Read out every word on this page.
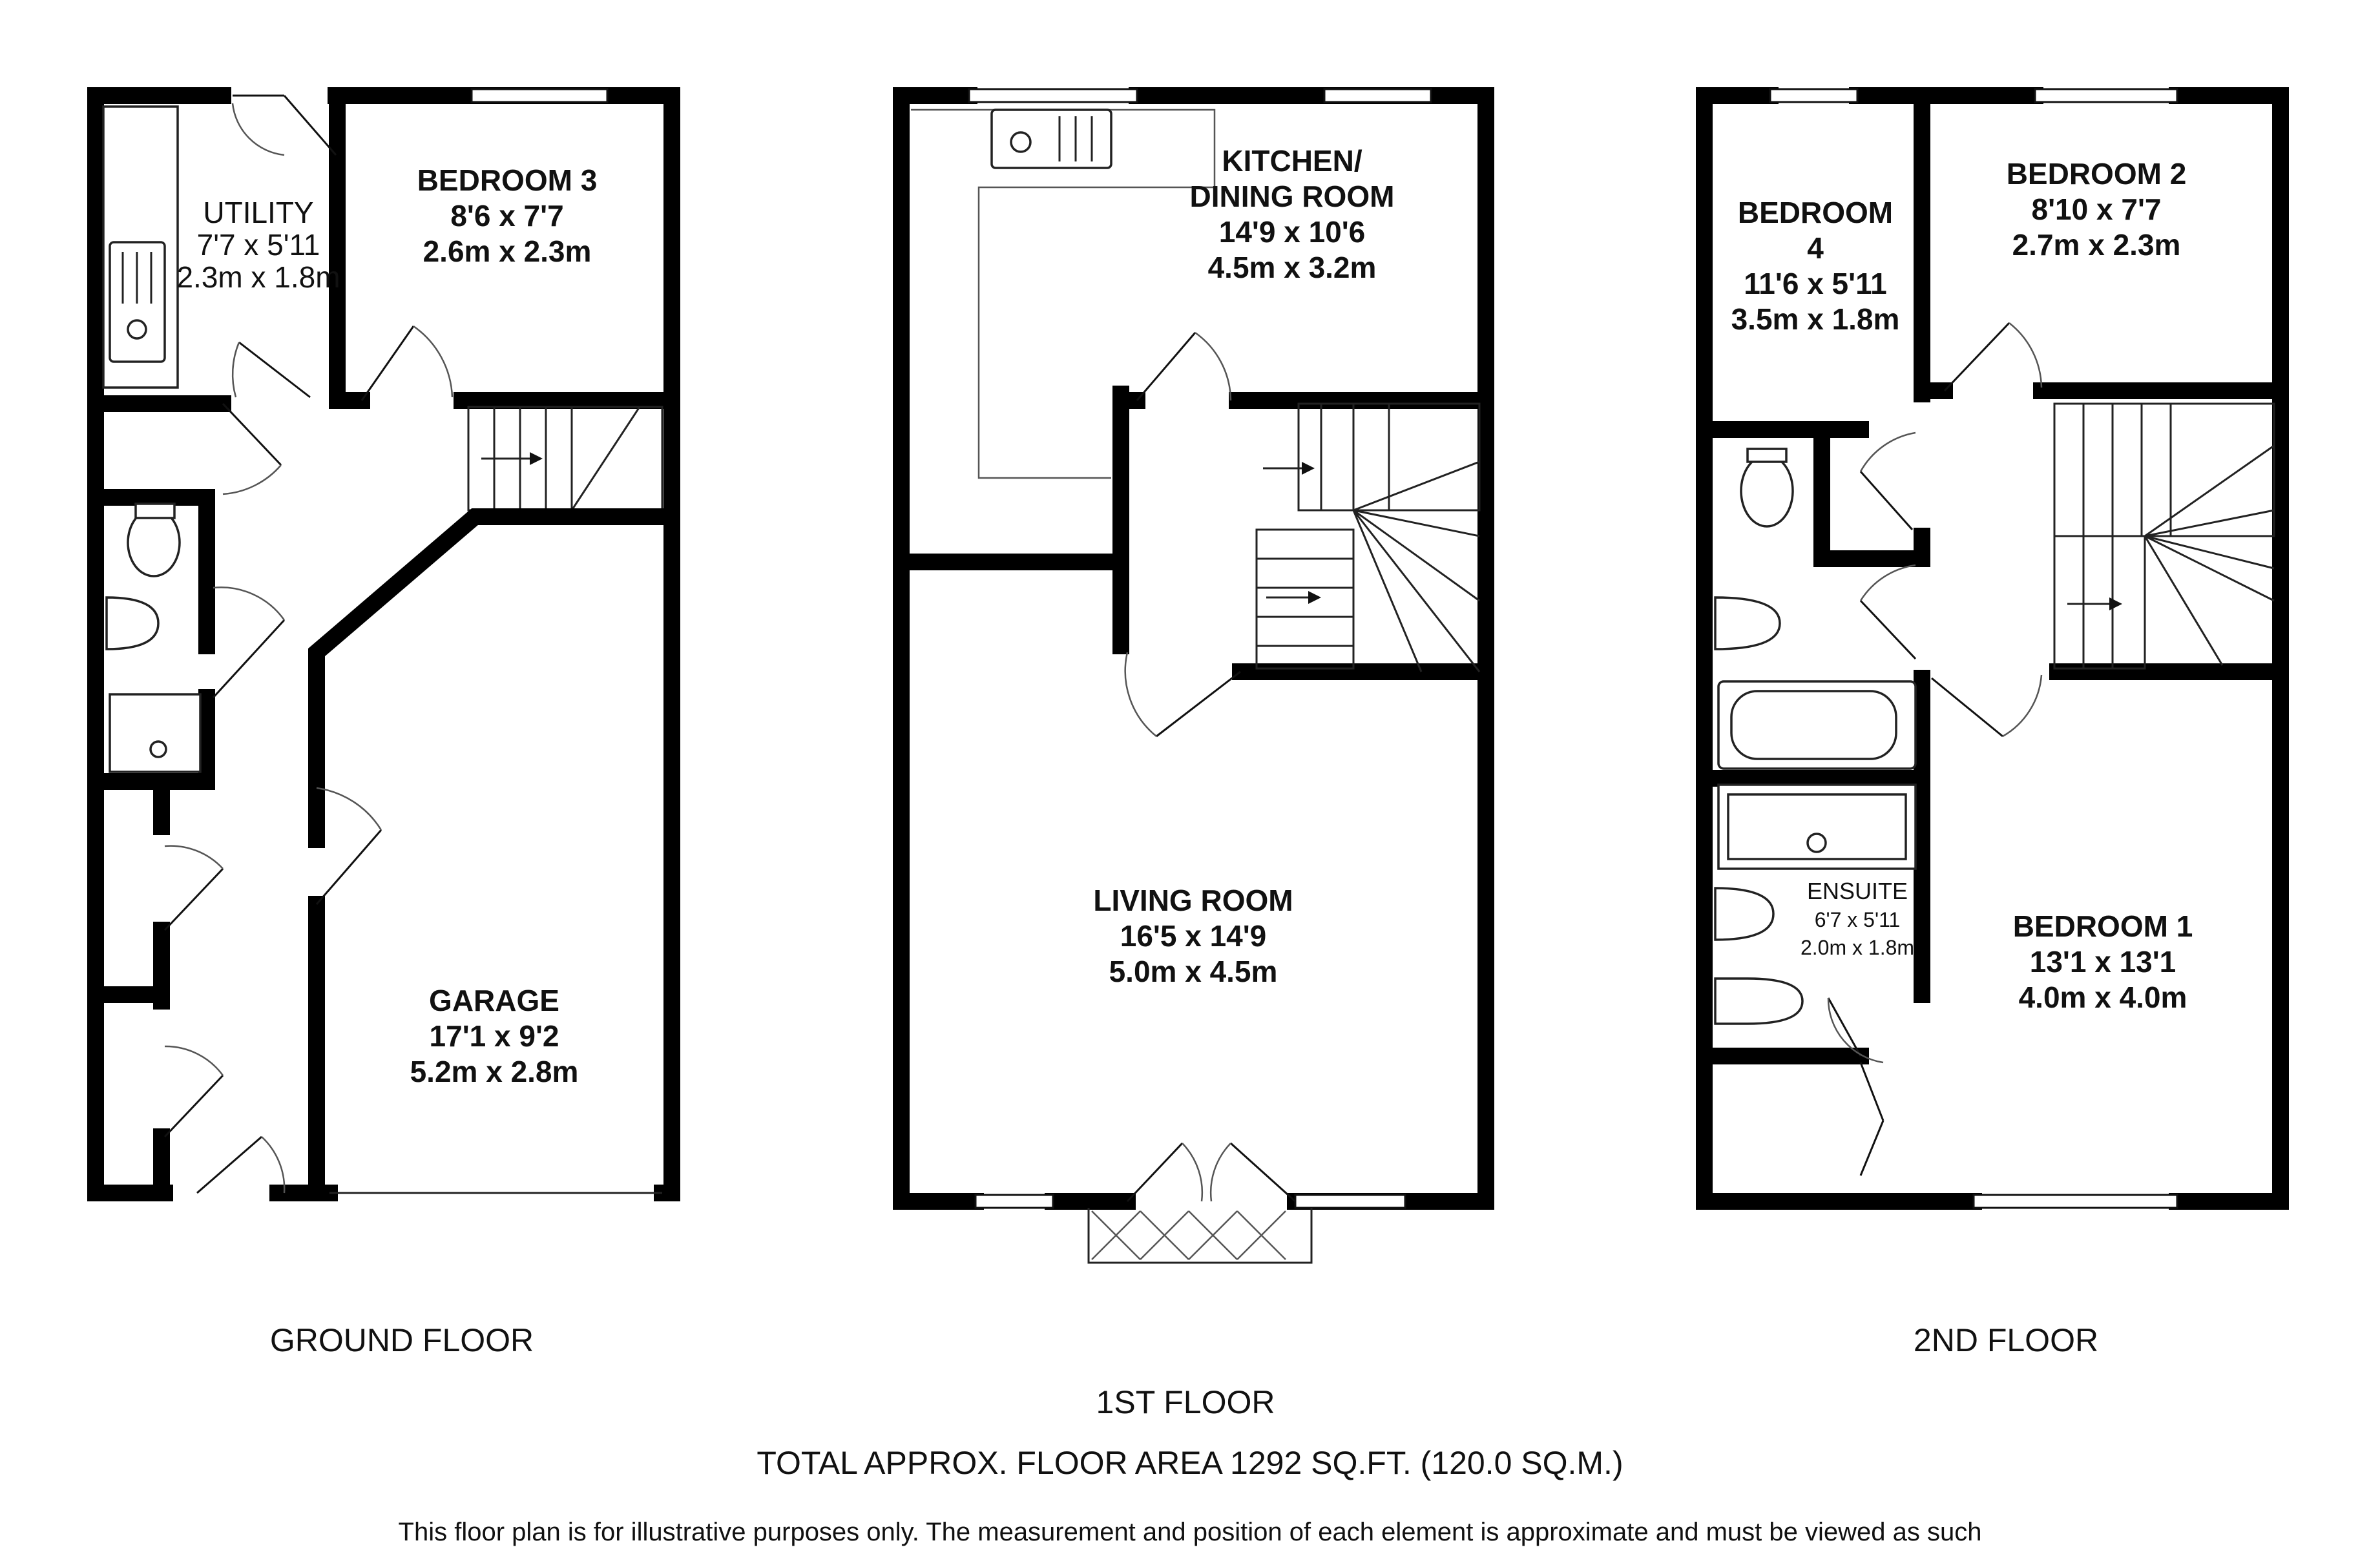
UTILITY
7'7 x 5'11
2.3m x 1.8m
BEDROOM 3
8'6 x 7'7
2.6m x 2.3m
GARAGE
17'1 x 9'2
5.2m x 2.8m
GROUND FLOOR
KITCHEN/
DINING ROOM
14'9 x 10'6
4.5m x 3.2m
LIVING ROOM
16'5 x 14'9
5.0m x 4.5m
1ST FLOOR
BEDROOM
4
11'6 x 5'11
3.5m x 1.8m
BEDROOM 2
8'10 x 7'7
2.7m x 2.3m
ENSUITE
6'7 x 5'11
2.0m x 1.8m
BEDROOM 1
13'1 x 13'1
4.0m x 4.0m
2ND FLOOR
TOTAL APPROX. FLOOR AREA 1292 SQ.FT. (120.0 SQ.M.)
This floor plan is for illustrative purposes only. The measurement and position of each element is approximate and must be viewed as such
